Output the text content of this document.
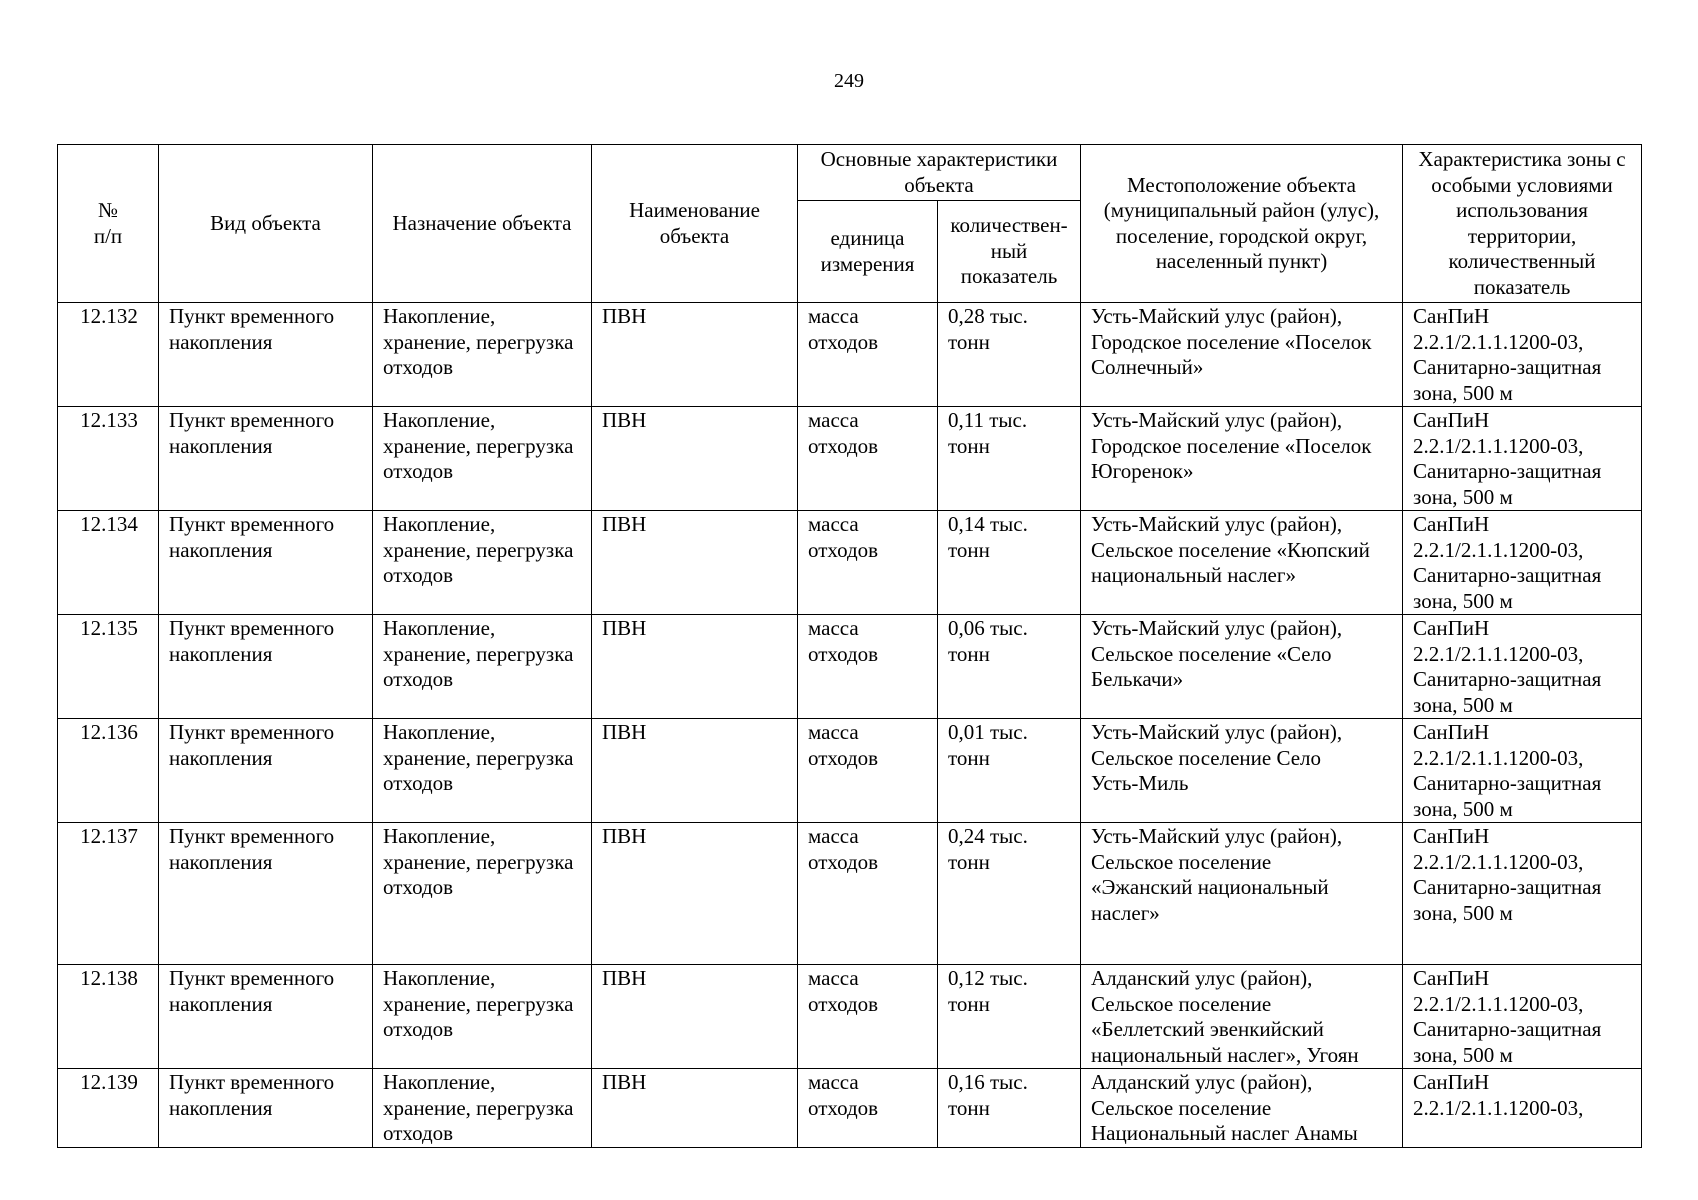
249
№
п/п	Вид объекта	Назначение объекта	Наименование объекта	Основные характеристики объекта		Местоположение объекта (муниципальный район (улус), поселение, городской округ, населенный пункт)	Характеристика зоны с особыми условиями использования территории, количественный показатель
				единица измерения	количествен-
ный
показатель		

12.132	Пункт временного накопления	Накопление, хранение, перегрузка отходов	ПВН	масса отходов	0,28 тыс. тонн	Усть-Майский улус (район),
Городское поселение «Поселок
Солнечный»	СанПиН
2.2.1/2.1.1.1200-03,
Санитарно-защитная
зона, 500 м

12.133	Пункт временного накопления	Накопление, хранение, перегрузка отходов	ПВН	масса отходов	0,11 тыс. тонн	Усть-Майский улус (район),
Городское поселение «Поселок
Югоренок»	СанПиН
2.2.1/2.1.1.1200-03,
Санитарно-защитная
зона, 500 м

12.134	Пункт временного накопления	Накопление, хранение, перегрузка отходов	ПВН	масса отходов	0,14 тыс. тонн	Усть-Майский улус (район),
Сельское поселение «Кюпский
национальный наслег»	СанПиН
2.2.1/2.1.1.1200-03,
Санитарно-защитная
зона, 500 м

12.135	Пункт временного накопления	Накопление, хранение, перегрузка отходов	ПВН	масса отходов	0,06 тыс. тонн	Усть-Майский улус (район),
Сельское поселение «Село
Белькачи»	СанПиН
2.2.1/2.1.1.1200-03,
Санитарно-защитная
зона, 500 м

12.136	Пункт временного накопления	Накопление, хранение, перегрузка отходов	ПВН	масса отходов	0,01 тыс. тонн	Усть-Майский улус (район),
Сельское поселение Село
Усть-Миль	СанПиН
2.2.1/2.1.1.1200-03,
Санитарно-защитная
зона, 500 м

12.137	Пункт временного накопления	Накопление, хранение, перегрузка отходов	ПВН	масса отходов	0,24 тыс. тонн	Усть-Майский улус (район),
Сельское поселение
«Эжанский национальный
наслег»	СанПиН
2.2.1/2.1.1.1200-03,
Санитарно-защитная
зона, 500 м

12.138	Пункт временного накопления	Накопление, хранение, перегрузка отходов	ПВН	масса отходов	0,12 тыс. тонн	Алданский улус (район),
Сельское поселение
«Беллетский эвенкийский
национальный наслег», Угоян	СанПиН
2.2.1/2.1.1.1200-03,
Санитарно-защитная
зона, 500 м

12.139	Пункт временного накопления	Накопление, хранение, перегрузка отходов	ПВН	масса отходов	0,16 тыс. тонн	Алданский улус (район),
Сельское поселение
Национальный наслег Анамы	СанПиН
2.2.1/2.1.1.1200-03,
